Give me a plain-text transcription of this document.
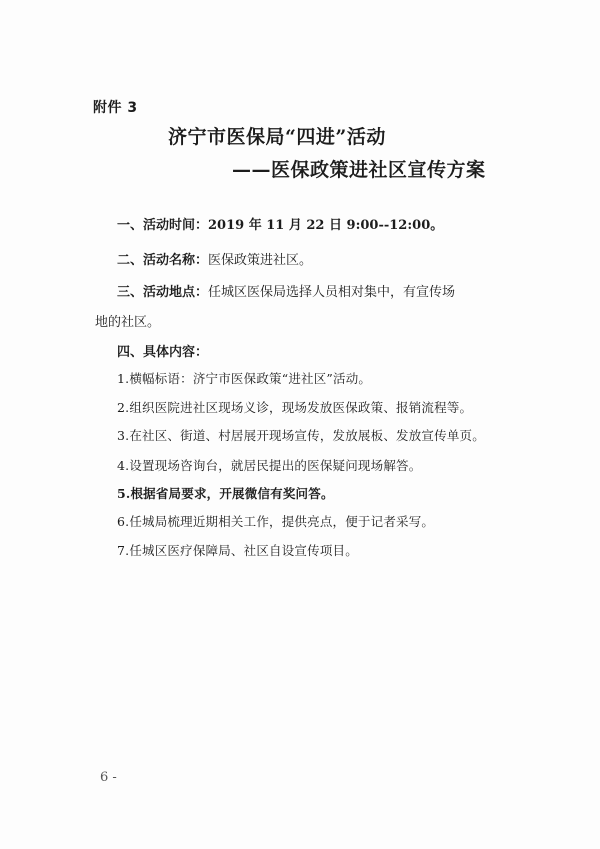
附件 3
济宁市医保局“四进”活动
——医保政策进社区宣传方案
一、活动时间：2019 年 11 月 22 日 9:00--12:00。
二、活动名称：医保政策进社区。
三、活动地点：任城区医保局选择人员相对集中，有宣传场
地的社区。
四、具体内容：
1.横幅标语：济宁市医保政策“进社区”活动。
2.组织医院进社区现场义诊，现场发放医保政策、报销流程等。
3.在社区、街道、村居展开现场宣传，发放展板、发放宣传单页。
4.设置现场咨询台，就居民提出的医保疑问现场解答。
5.根据省局要求，开展微信有奖问答。
6.任城局梳理近期相关工作，提供亮点，便于记者采写。
7.任城区医疗保障局、社区自设宣传项目。
6 -
